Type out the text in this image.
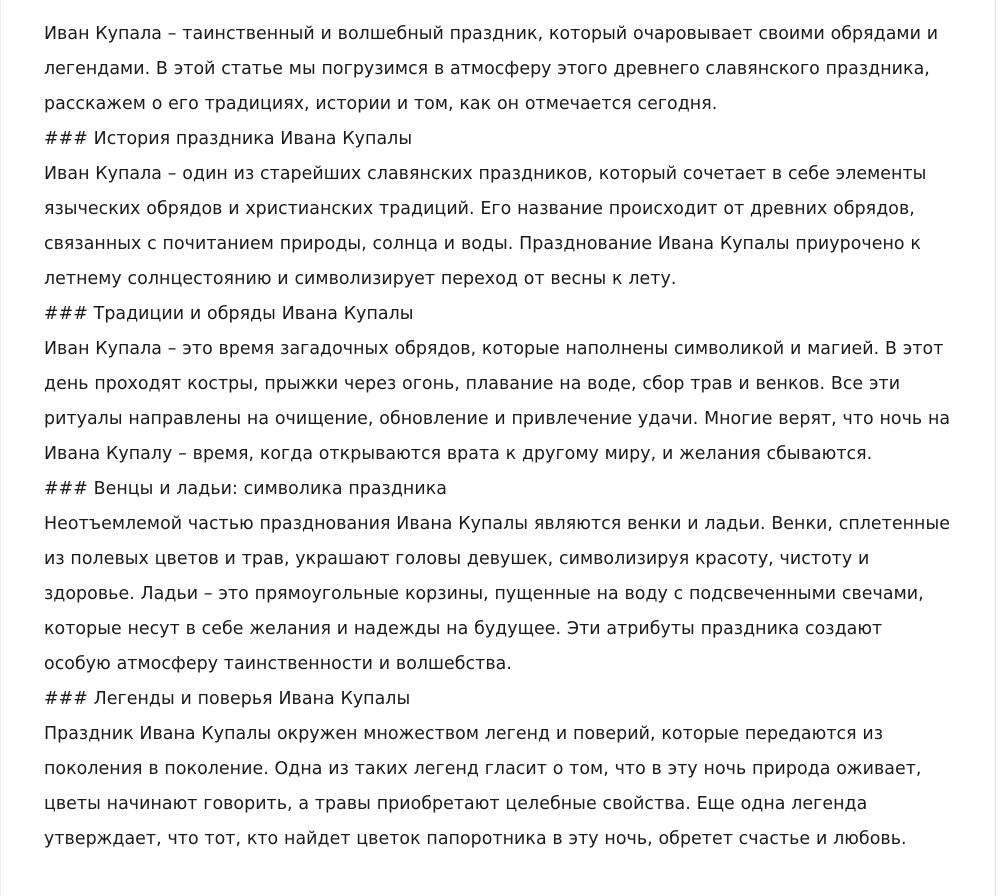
Иван Купала – таинственный и волшебный праздник, который очаровывает своими обрядами и легендами. В этой статье мы погрузимся в атмосферу этого древнего славянского праздника, расскажем о его традициях, истории и том, как он отмечается сегодня.

### История праздника Ивана Купалы

Иван Купала – один из старейших славянских праздников, который сочетает в себе элементы языческих обрядов и христианских традиций. Его название происходит от древних обрядов, связанных с почитанием природы, солнца и воды. Празднование Ивана Купалы приурочено к летнему солнцестоянию и символизирует переход от весны к лету.

### Традиции и обряды Ивана Купалы

Иван Купала – это время загадочных обрядов, которые наполнены символикой и магией. В этот день проходят костры, прыжки через огонь, плавание на воде, сбор трав и венков. Все эти ритуалы направлены на очищение, обновление и привлечение удачи. Многие верят, что ночь на Ивана Купалу – время, когда открываются врата к другому миру, и желания сбываются.

### Венцы и ладьи: символика праздника

Неотъемлемой частью празднования Ивана Купалы являются венки и ладьи. Венки, сплетенные из полевых цветов и трав, украшают головы девушек, символизируя красоту, чистоту и здоровье. Ладьи – это прямоугольные корзины, пущенные на воду с подсвеченными свечами, которые несут в себе желания и надежды на будущее. Эти атрибуты праздника создают особую атмосферу таинственности и волшебства.

### Легенды и поверья Ивана Купалы

Праздник Ивана Купалы окружен множеством легенд и поверий, которые передаются из поколения в поколение. Одна из таких легенд гласит о том, что в эту ночь природа оживает, цветы начинают говорить, а травы приобретают целебные свойства. Еще одна легенда утверждает, что тот, кто найдет цветок папоротника в эту ночь, обретет счастье и любовь.
